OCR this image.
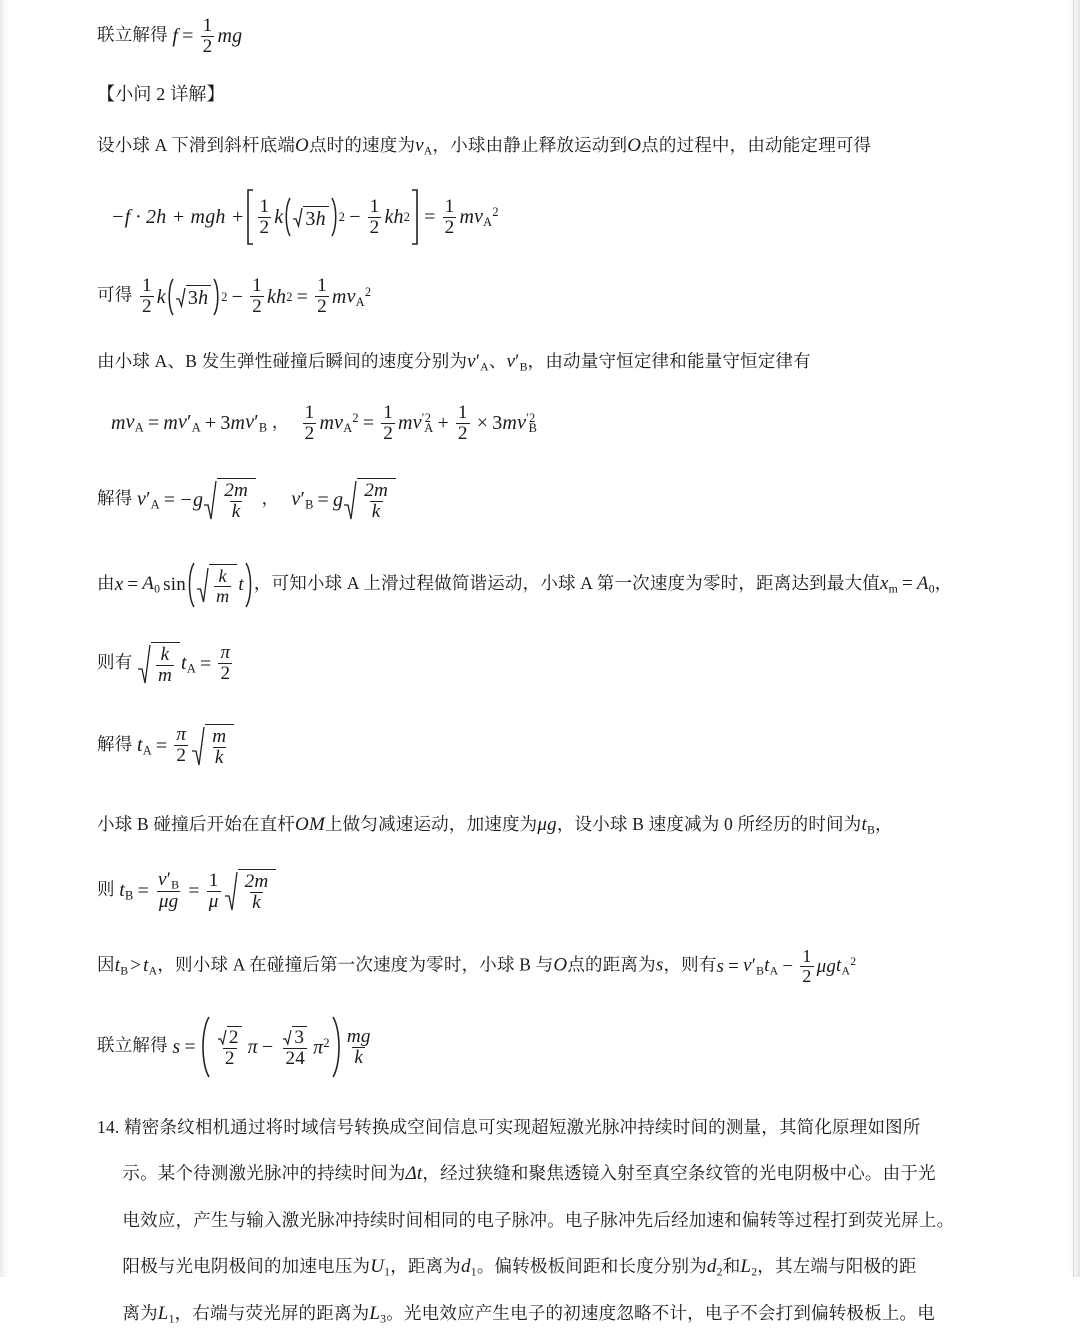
联立解得 $f = \frac{1}{2}$ mg
【小问 2 详解】
设小球 A 下滑到斜杆底端O点时的速度为$v_A$，小球由静止释放运动到O点的过程中，由动能定理可得
−f · 2h + mgh + $\frac{1}{2}$ k 3 h $2 - \frac{1}{2}$ k h $2 = \frac{1}{2}$ m $v_A^2$
可得 $\frac{1}{2}$ k 3 h $2 - \frac{1}{2}$ k h $2 = \frac{1}{2}$ m $v_A^2$
由小球 A、B 发生弹性碰撞后瞬间的速度分别为$v'_A$、$v'_B$，由动量守恒定律和能量守恒定律有
m $v_A = m$ $v'_A + 3$ m $v'_B$ ， $\frac{1}{2}$ m $v_A^2 = \frac{1}{2}$ m $v^{'2}_A + \frac{1}{2} \times 3$ m $v^{'2}_B$
解得 $v'_A = -g \frac{2m}{k}$ ， $v'_B = g \frac{2m}{k}$
由 $x = A_0$ $\sin \frac{k}{m}$ t ，可知小球 A 上滑过程做简谐运动，小球 A 第一次速度为零时，距离达到最大值$x_m = A_0$，
则有 $\frac{k}{m} t_A = \frac{\pi}{2}$
解得 $t_A = \frac{\pi}{2} \frac{m}{k}$
小球 B 碰撞后开始在直杆OM上做匀减速运动，加速度为μg，设小球 B 速度减为 0 所经历的时间为$t_B$，
则 $t_B = \frac{v'_B}{\mu g} = \frac{1}{\mu} \frac{2m}{k}$
因$t_B > t_A$，则小球 A 在碰撞后第一次速度为零时，小球 B 与O点的距离为s，则有 $s = v'_B$ $t_A - \frac{1}{2}$ μg $t_A^2$
联立解得 $s = \frac{2}{2}$ $\pi - \frac{3}{24} \pi^2 \frac{mg}{k}$
14. 精密条纹相机通过将时域信号转换成空间信息可实现超短激光脉冲持续时间的测量，其简化原理如图所
示。某个待测激光脉冲的持续时间为Δt，经过狭缝和聚焦透镜入射至真空条纹管的光电阴极中心。由于光
电效应，产生与输入激光脉冲持续时间相同的电子脉冲。电子脉冲先后经加速和偏转等过程打到荧光屏上。
阳极与光电阴极间的加速电压为$U_1$，距离为$d_1$。偏转极板间距和长度分别为$d_2$和$L_2$，其左端与阳极的距
离为$L_1$，右端与荧光屏的距离为$L_3$。光电效应产生电子的初速度忽略不计，电子不会打到偏转极板上。电
